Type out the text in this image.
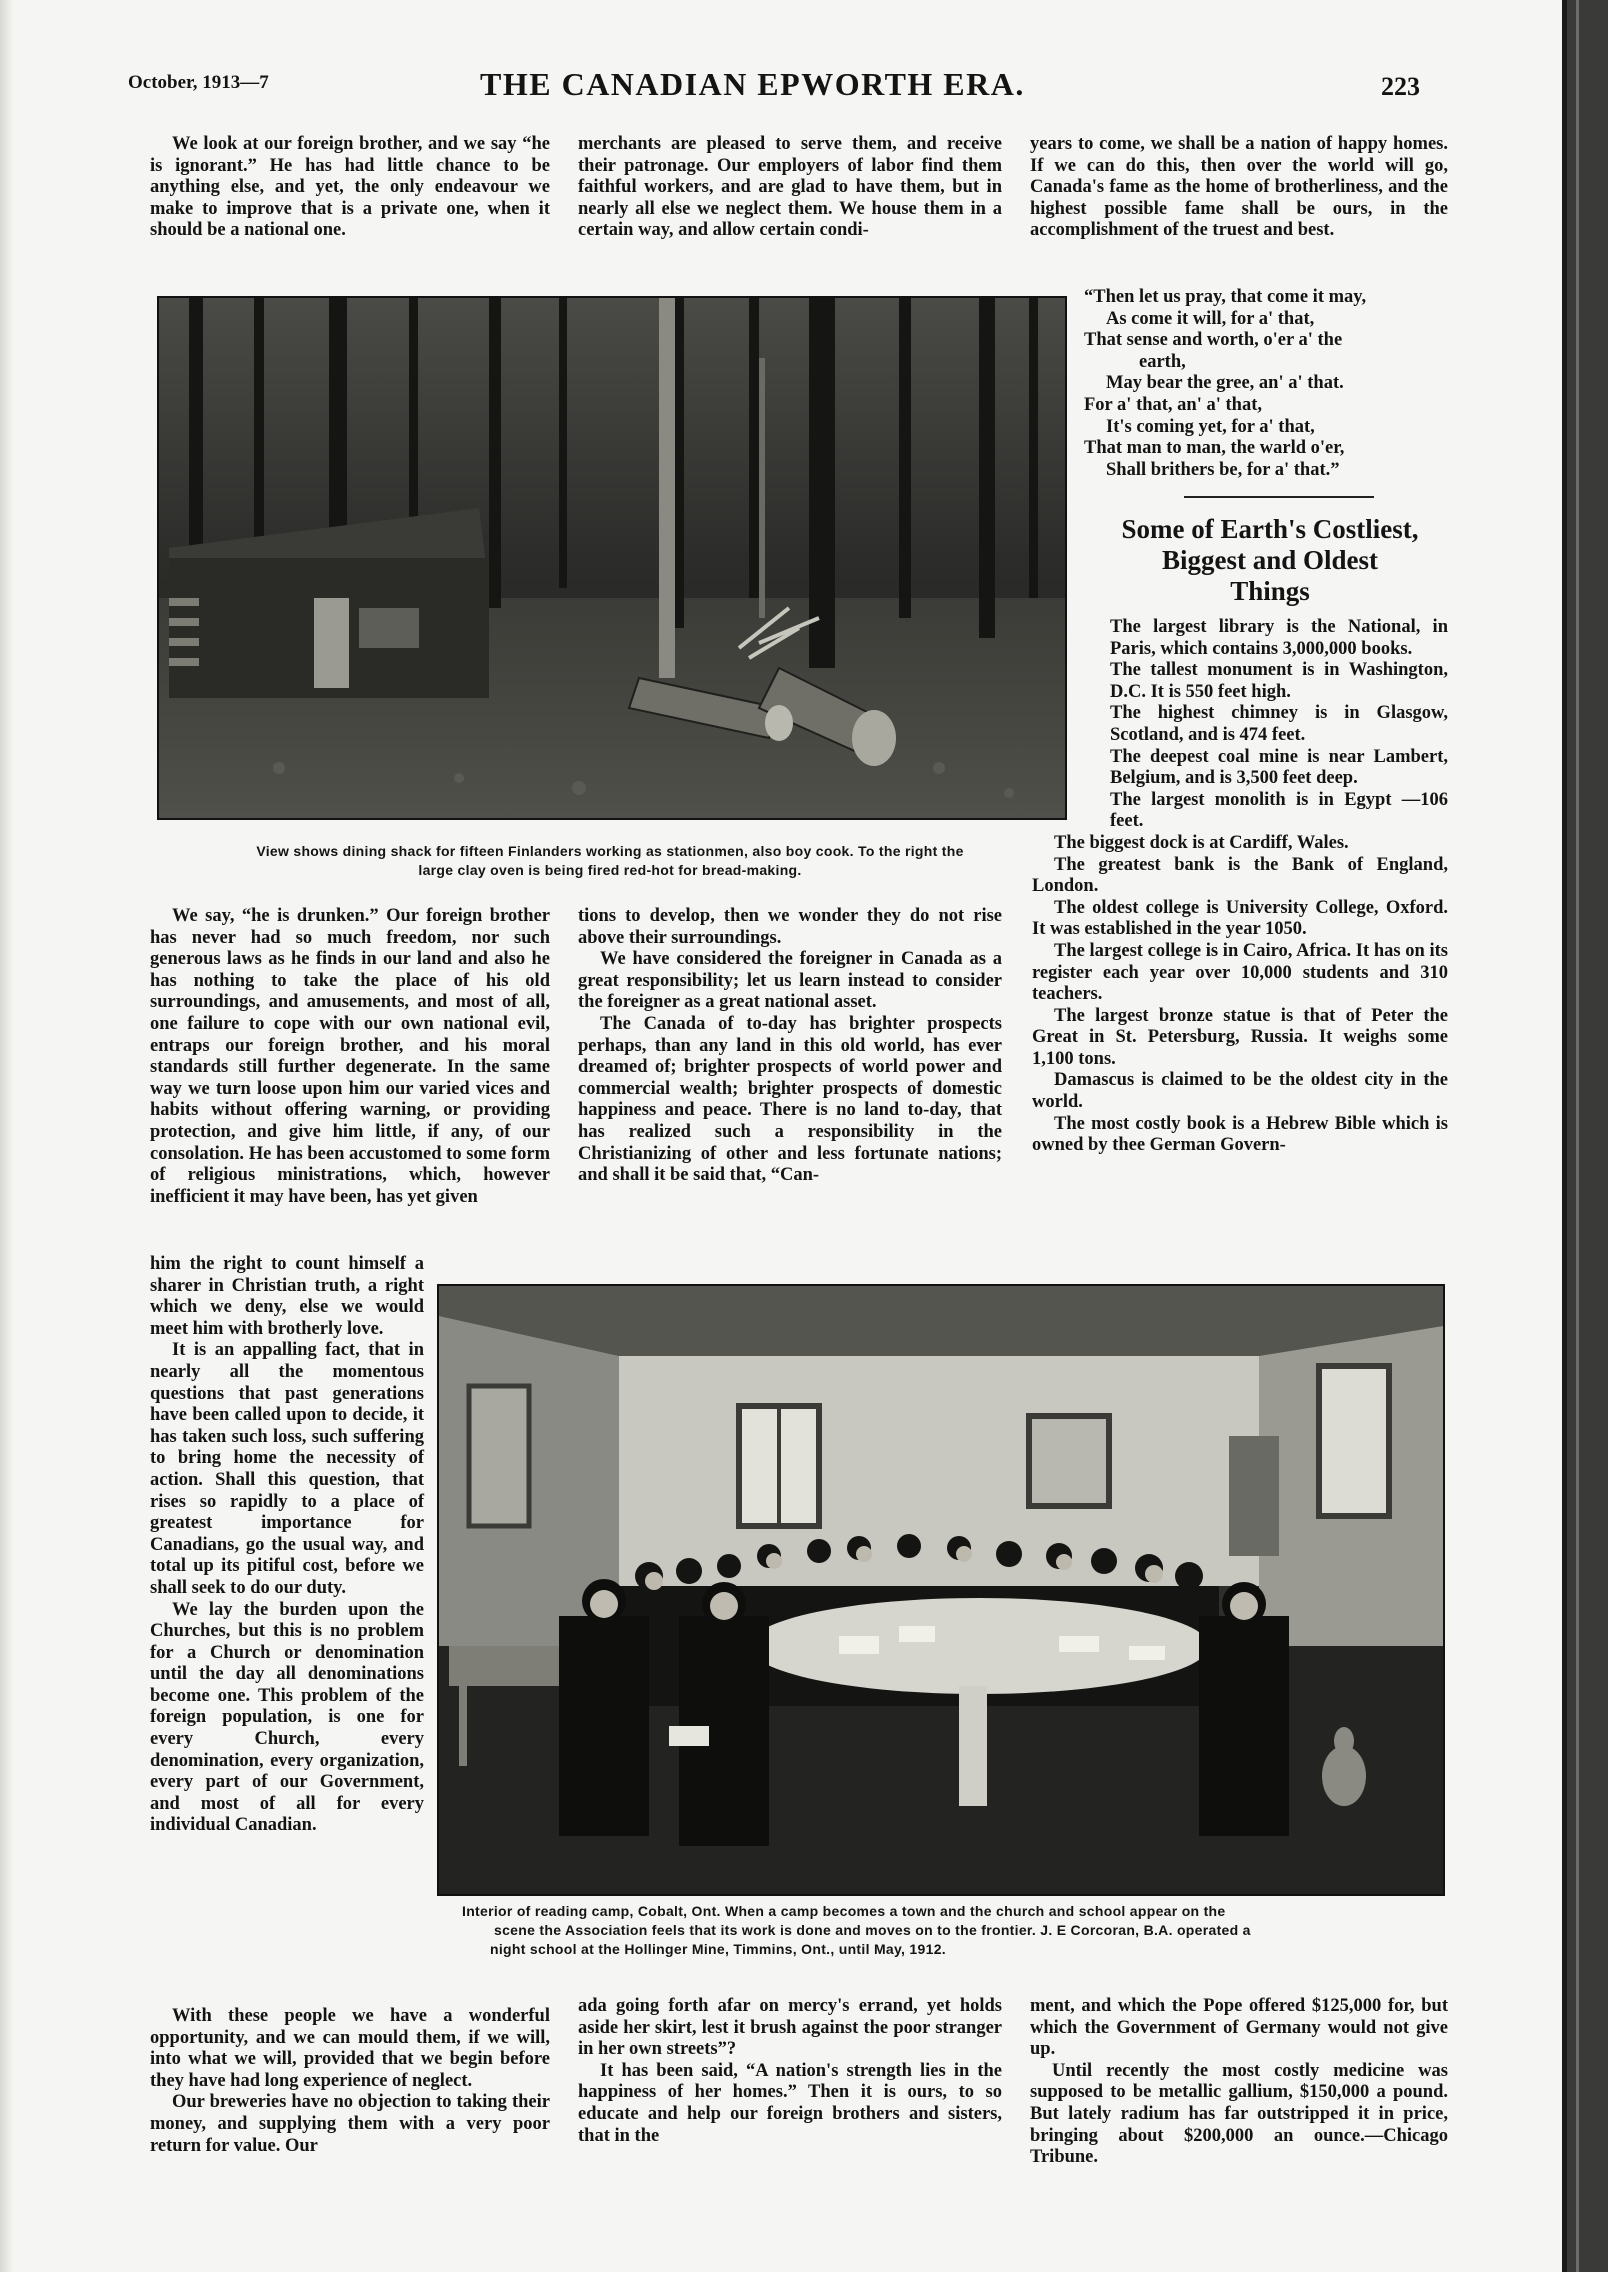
October, 1913—7	THE CANADIAN EPWORTH ERA.	223

We look at our foreign brother, and we say “he is ignorant.” He has had little chance to be anything else, and yet, the only endeavour we make to improve that is a private one, when it should be a national one.

merchants are pleased to serve them, and receive their patronage. Our employers of labor find them faithful workers, and are glad to have them, but in nearly all else we neglect them. We house them in a certain way, and allow certain condi-

years to come, we shall be a nation of happy homes. If we can do this, then over the world will go, Canada's fame as the home of brotherliness, and the highest possible fame shall be ours, in the accomplishment of the truest and best.

View shows dining shack for fifteen Finlanders working as stationmen, also boy cook. To the right the
large clay oven is being fired red-hot for bread-making.
“Then let us pray, that come it may,
As come it will, for a' that,
That sense and worth, o'er a' the
earth,
May bear the gree, an' a' that.
For a' that, an' a' that,
It's coming yet, for a' that,
That man to man, the warld o'er,
Shall brithers be, for a' that.”
Some of Earth's Costliest,
Biggest and Oldest
Things

The largest library is the National, in Paris, which contains 3,000,000 books.

The tallest monument is in Washington, D.C. It is 550 feet high.

The highest chimney is in Glasgow, Scotland, and is 474 feet.

The deepest coal mine is near Lambert, Belgium, and is 3,500 feet deep.

The largest monolith is in Egypt —106 feet.

The biggest dock is at Cardiff, Wales.

The greatest bank is the Bank of England, London.

The oldest college is University College, Oxford. It was established in the year 1050.

The largest college is in Cairo, Africa. It has on its register each year over 10,000 students and 310 teachers.

The largest bronze statue is that of Peter the Great in St. Petersburg, Russia. It weighs some 1,100 tons.

Damascus is claimed to be the oldest city in the world.

The most costly book is a Hebrew Bible which is owned by thee German Govern-

We say, “he is drunken.” Our foreign brother has never had so much freedom, nor such generous laws as he finds in our land and also he has nothing to take the place of his old surroundings, and amusements, and most of all, one failure to cope with our own national evil, entraps our foreign brother, and his moral standards still further degenerate. In the same way we turn loose upon him our varied vices and habits without offering warning, or providing protection, and give him little, if any, of our consolation. He has been accustomed to some form of religious ministrations, which, however inefficient it may have been, has yet given

tions to develop, then we wonder they do not rise above their surroundings.

We have considered the foreigner in Canada as a great responsibility; let us learn instead to consider the foreigner as a great national asset.

The Canada of to-day has brighter prospects perhaps, than any land in this old world, has ever dreamed of; brighter prospects of world power and commercial wealth; brighter prospects of domestic happiness and peace. There is no land to-day, that has realized such a responsibility in the Christianizing of other and less fortunate nations; and shall it be said that, “Can-

him the right to count himself a sharer in Christian truth, a right which we deny, else we would meet him with brotherly love.

It is an appalling fact, that in nearly all the momentous questions that past generations have been called upon to decide, it has taken such loss, such suffering to bring home the necessity of action. Shall this question, that rises so rapidly to a place of greatest importance for Canadians, go the usual way, and total up its pitiful cost, before we shall seek to do our duty.

We lay the burden upon the Churches, but this is no problem for a Church or denomination until the day all denominations become one. This problem of the foreign population, is one for every Church, every denomination, every organization, every part of our Government, and most of all for every individual Canadian.

Interior of reading camp, Cobalt, Ont. When a camp becomes a town and the church and school appear on the
scene the Association feels that its work is done and moves on to the frontier. J. E Corcoran, B.A. operated a
night school at the Hollinger Mine, Timmins, Ont., until May, 1912.

With these people we have a wonderful opportunity, and we can mould them, if we will, into what we will, provided that we begin before they have had long experience of neglect.

Our breweries have no objection to taking their money, and supplying them with a very poor return for value. Our

ada going forth afar on mercy's errand, yet holds aside her skirt, lest it brush against the poor stranger in her own streets”?

It has been said, “A nation's strength lies in the happiness of her homes.” Then it is ours, to so educate and help our foreign brothers and sisters, that in the

ment, and which the Pope offered $125,000 for, but which the Government of Germany would not give up.

Until recently the most costly medicine was supposed to be metallic gallium, $150,000 a pound. But lately radium has far outstripped it in price, bringing about $200,000 an ounce.—Chicago Tribune.
